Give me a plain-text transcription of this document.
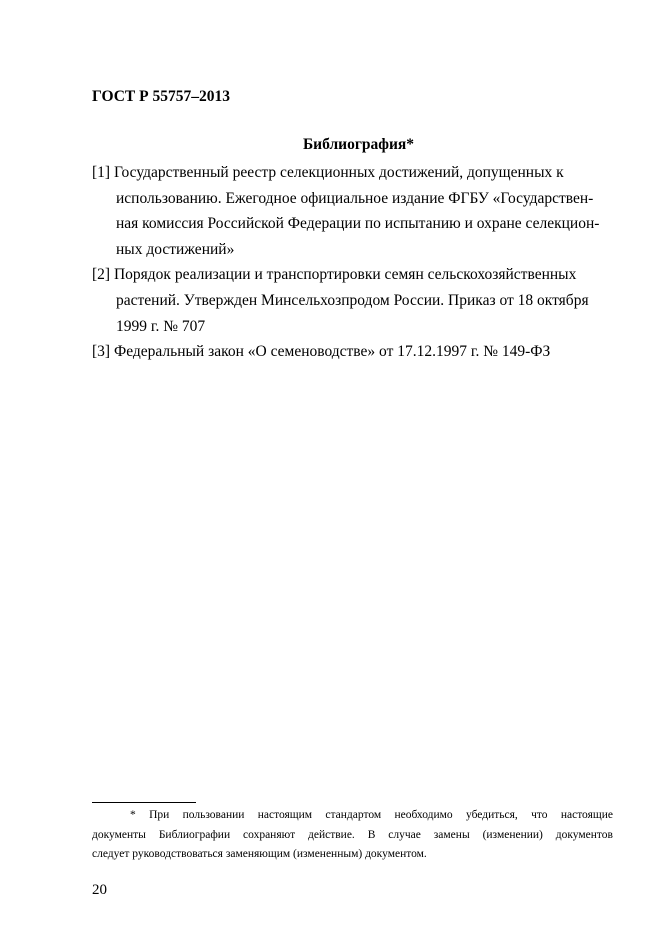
ГОСТ Р 55757–2013
Библиография*
[1] Государственный реестр селекционных достижений, допущенных к
использованию. Ежегодное официальное издание ФГБУ «Государствен-
ная комиссия Российской Федерации по испытанию и охране селекцион-
ных достижений»
[2] Порядок реализации и транспортировки семян сельскохозяйственных
растений. Утвержден Минсельхозпродом России. Приказ от 18 октября
1999 г. № 707
[3] Федеральный закон «О семеноводстве» от 17.12.1997 г. № 149-ФЗ
* При пользовании настоящим стандартом необходимо убедиться, что настоящие
документы Библиографии сохраняют действие. В случае замены (изменении) документов
следует руководствоваться заменяющим (измененным) документом.
20
